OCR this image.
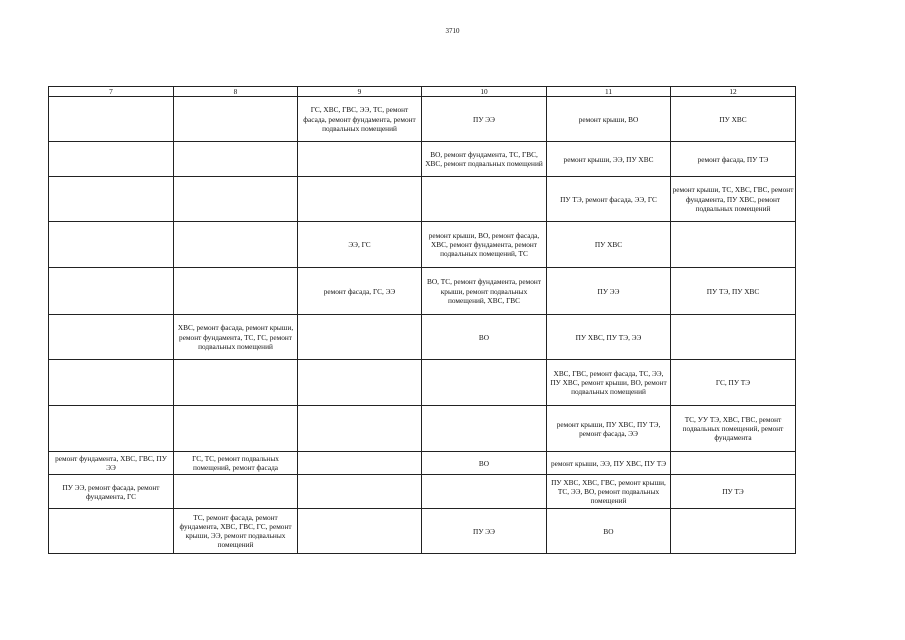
3710
7	8	9	10	11	12
		ГС, ХВС, ГВС, ЭЭ, ТС, ремонт фасада, ремонт фундамента, ремонт подвальных помещений	ПУ ЭЭ	ремонт крыши, ВО	ПУ ХВС
			ВО, ремонт фундамента, ТС, ГВС, ХВС, ремонт подвальных помещений	ремонт крыши, ЭЭ, ПУ ХВС	ремонт фасада, ПУ ТЭ
				ПУ ТЭ, ремонт фасада, ЭЭ, ГС	ремонт крыши, ТС, ХВС, ГВС, ремонт фундамента, ПУ ХВС, ремонт подвальных помещений
		ЭЭ, ГС	ремонт крыши, ВО, ремонт фасада, ХВС, ремонт фундамента, ремонт подвальных помещений, ТС	ПУ ХВС	
		ремонт фасада, ГС, ЭЭ	ВО, ТС, ремонт фундамента, ремонт крыши, ремонт подвальных помещений, ХВС, ГВС	ПУ ЭЭ	ПУ ТЭ, ПУ ХВС
	ХВС, ремонт фасада, ремонт крыши, ремонт фундамента, ТС, ГС, ремонт подвальных помещений		ВО	ПУ ХВС, ПУ ТЭ, ЭЭ	
				ХВС, ГВС, ремонт фасада, ТС, ЭЭ, ПУ ХВС, ремонт крыши, ВО, ремонт подвальных помещений	ГС, ПУ ТЭ
				ремонт крыши, ПУ ХВС, ПУ ТЭ, ремонт фасада, ЭЭ	ТС, УУ ТЭ, ХВС, ГВС, ремонт подвальных помещений, ремонт фундамента
ремонт фундамента, ХВС, ГВС, ПУ ЭЭ	ГС, ТС, ремонт подвальных помещений, ремонт фасада		ВО	ремонт крыши, ЭЭ, ПУ ХВС, ПУ ТЭ	
ПУ ЭЭ, ремонт фасада, ремонт фундамента, ГС				ПУ ХВС, ХВС, ГВС, ремонт крыши, ТС, ЭЭ, ВО, ремонт подвальных помещений	ПУ ТЭ
	ТС, ремонт фасада, ремонт фундамента, ХВС, ГВС, ГС, ремонт крыши, ЭЭ, ремонт подвальных помещений		ПУ ЭЭ	ВО	
